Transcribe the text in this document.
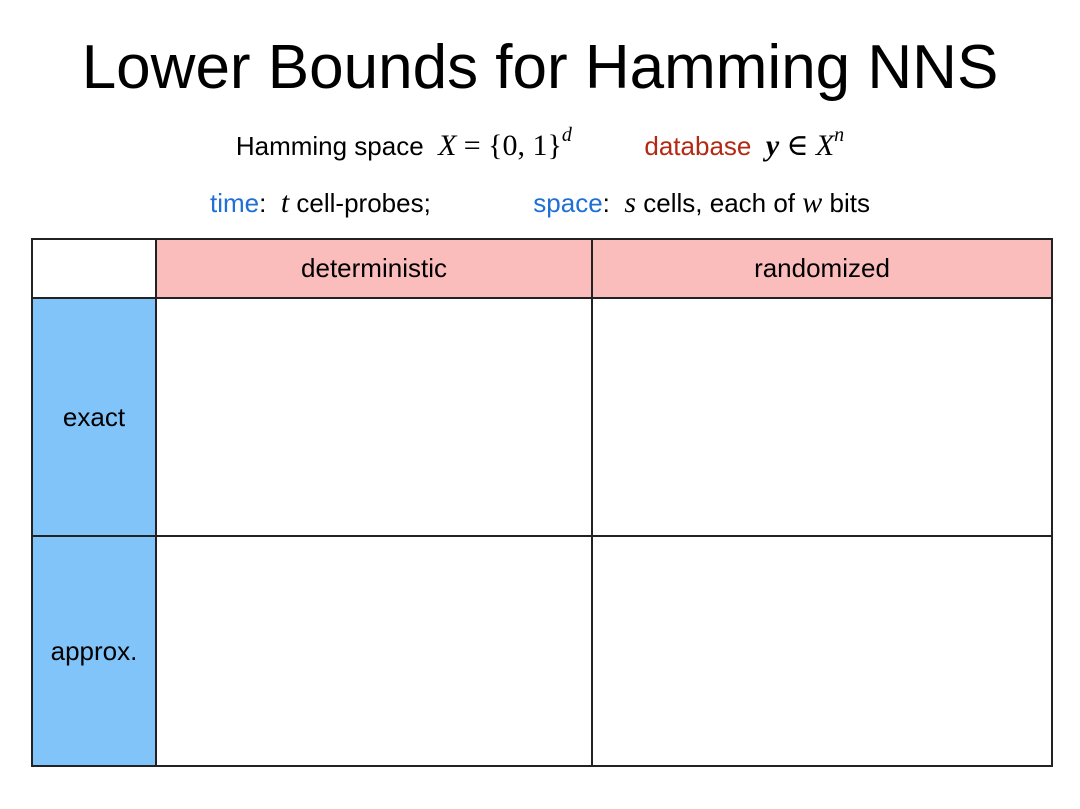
Lower Bounds for Hamming NNS
Hamming space X = {0, 1}$^d$	database y ∈ $X^n$
time: t cell-probes;	space: s cells, each of w bits
	deterministic	randomized
exact		
approx.		
